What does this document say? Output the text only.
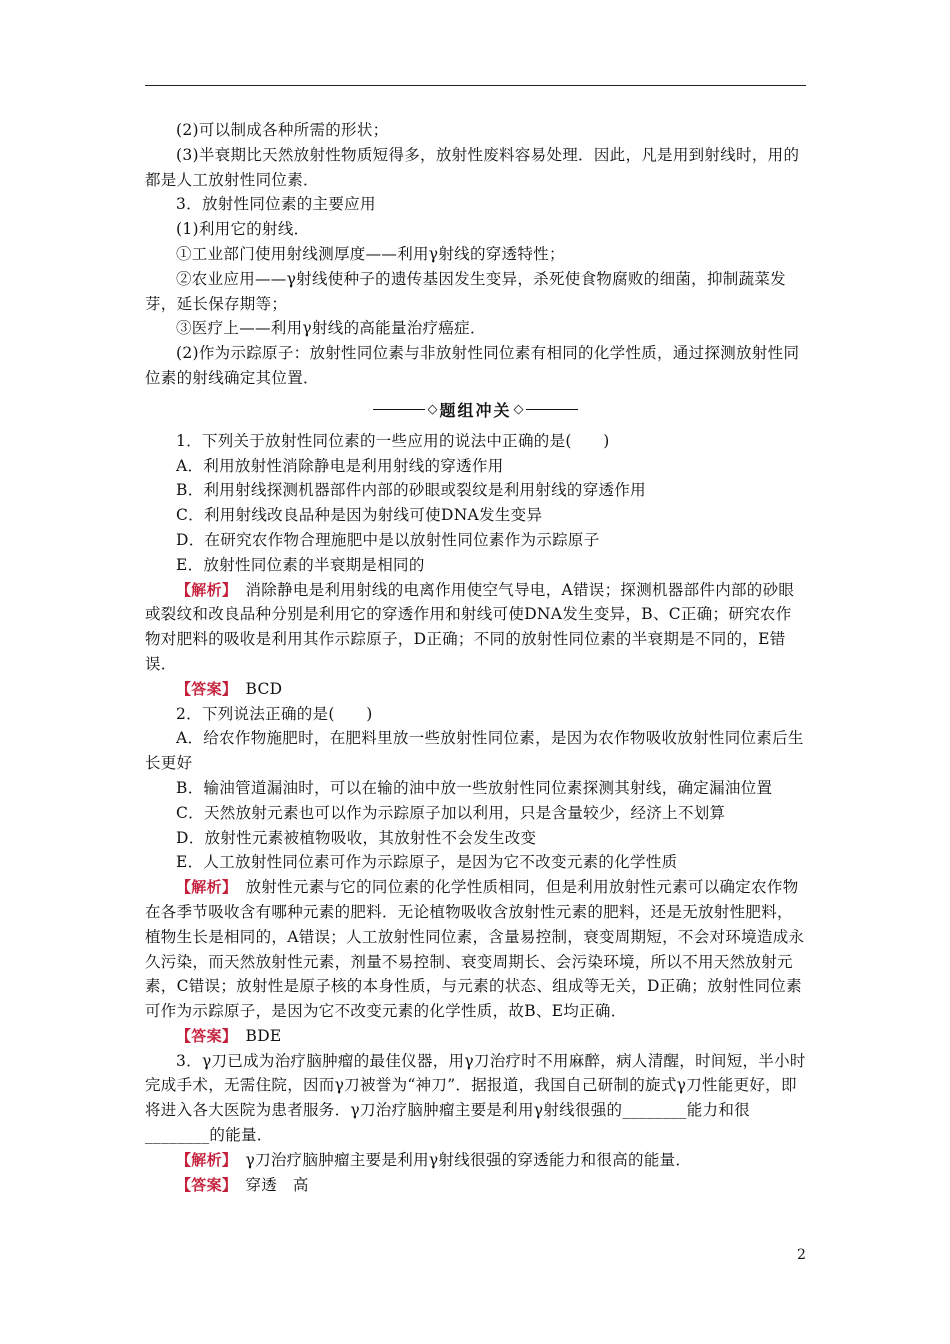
(2)可以制成各种所需的形状；

(3)半衰期比天然放射性物质短得多，放射性废料容易处理．因此，凡是用到射线时，用的都是人工放射性同位素．

3．放射性同位素的主要应用

(1)利用它的射线．

①工业部门使用射线测厚度——利用γ射线的穿透特性；

②农业应用——γ射线使种子的遗传基因发生变异，杀死使食物腐败的细菌，抑制蔬菜发芽，延长保存期等；

③医疗上——利用γ射线的高能量治疗癌症．

(2)作为示踪原子：放射性同位素与非放射性同位素有相同的化学性质，通过探测放射性同位素的射线确定其位置．

◇ 题组冲关 ◇

1．下列关于放射性同位素的一些应用的说法中正确的是(　　)

A．利用放射性消除静电是利用射线的穿透作用

B．利用射线探测机器部件内部的砂眼或裂纹是利用射线的穿透作用

C．利用射线改良品种是因为射线可使DNA发生变异

D．在研究农作物合理施肥中是以放射性同位素作为示踪原子

E．放射性同位素的半衰期是相同的

【解析】　消除静电是利用射线的电离作用使空气导电，A错误；探测机器部件内部的砂眼或裂纹和改良品种分别是利用它的穿透作用和射线可使DNA发生变异，B、C正确；研究农作物对肥料的吸收是利用其作示踪原子，D正确；不同的放射性同位素的半衰期是不同的，E错误．

【答案】　BCD

2．下列说法正确的是(　　)

A．给农作物施肥时，在肥料里放一些放射性同位素，是因为农作物吸收放射性同位素后生长更好

B．输油管道漏油时，可以在输的油中放一些放射性同位素探测其射线，确定漏油位置

C．天然放射元素也可以作为示踪原子加以利用，只是含量较少，经济上不划算

D．放射性元素被植物吸收，其放射性不会发生改变

E．人工放射性同位素可作为示踪原子，是因为它不改变元素的化学性质

【解析】　放射性元素与它的同位素的化学性质相同，但是利用放射性元素可以确定农作物在各季节吸收含有哪种元素的肥料．无论植物吸收含放射性元素的肥料，还是无放射性肥料，植物生长是相同的，A错误；人工放射性同位素，含量易控制，衰变周期短，不会对环境造成永久污染，而天然放射性元素，剂量不易控制、衰变周期长、会污染环境，所以不用天然放射元素，C错误；放射性是原子核的本身性质，与元素的状态、组成等无关，D正确；放射性同位素可作为示踪原子，是因为它不改变元素的化学性质，故B、E均正确．

【答案】　BDE

3．γ刀已成为治疗脑肿瘤的最佳仪器，用γ刀治疗时不用麻醉，病人清醒，时间短，半小时完成手术，无需住院，因而γ刀被誉为“神刀”．据报道，我国自己研制的旋式γ刀性能更好，即将进入各大医院为患者服务．γ刀治疗脑肿瘤主要是利用γ射线很强的________能力和很________的能量．

【解析】　γ刀治疗脑肿瘤主要是利用γ射线很强的穿透能力和很高的能量．

【答案】　穿透　高

2
